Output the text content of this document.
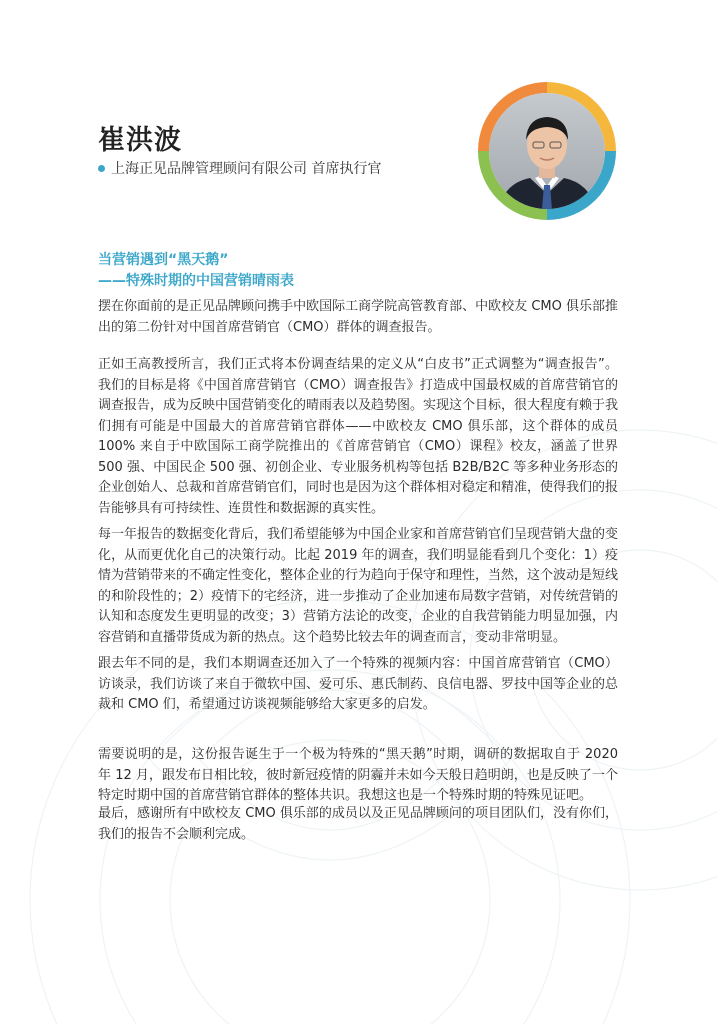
崔洪波
上海正见品牌管理顾问有限公司 首席执行官
当营销遇到“黑天鹅”
——特殊时期的中国营销晴雨表

摆在你面前的是正见品牌顾问携手中欧国际工商学院高管教育部、中欧校友 CMO 俱乐部推出的第二份针对中国首席营销官（CMO）群体的调查报告。

正如王高教授所言，我们正式将本份调查结果的定义从“白皮书”正式调整为“调查报告”。我们的目标是将《中国首席营销官（CMO）调查报告》打造成中国最权威的首席营销官的调查报告，成为反映中国营销变化的晴雨表以及趋势图。实现这个目标，很大程度有赖于我们拥有可能是中国最大的首席营销官群体——中欧校友 CMO 俱乐部，这个群体的成员 100% 来自于中欧国际工商学院推出的《首席营销官（CMO）课程》校友，涵盖了世界 500 强、中国民企 500 强、初创企业、专业服务机构等包括 B2B/B2C 等多种业务形态的企业创始人、总裁和首席营销官们，同时也是因为这个群体相对稳定和精准，使得我们的报告能够具有可持续性、连贯性和数据源的真实性。

每一年报告的数据变化背后，我们希望能够为中国企业家和首席营销官们呈现营销大盘的变化，从而更优化自己的决策行动。比起 2019 年的调查，我们明显能看到几个变化：1）疫情为营销带来的不确定性变化，整体企业的行为趋向于保守和理性，当然，这个波动是短线的和阶段性的；2）疫情下的宅经济，进一步推动了企业加速布局数字营销，对传统营销的认知和态度发生更明显的改变；3）营销方法论的改变，企业的自我营销能力明显加强，内容营销和直播带货成为新的热点。这个趋势比较去年的调查而言，变动非常明显。

跟去年不同的是，我们本期调查还加入了一个特殊的视频内容：中国首席营销官（CMO）访谈录，我们访谈了来自于微软中国、爱可乐、惠氏制药、良信电器、罗技中国等企业的总裁和 CMO 们，希望通过访谈视频能够给大家更多的启发。

需要说明的是，这份报告诞生于一个极为特殊的“黑天鹅”时期，调研的数据取自于 2020 年 12 月，跟发布日相比较，彼时新冠疫情的阴霾并未如今天般日趋明朗，也是反映了一个特定时期中国的首席营销官群体的整体共识。我想这也是一个特殊时期的特殊见证吧。

最后，感谢所有中欧校友 CMO 俱乐部的成员以及正见品牌顾问的项目团队们，没有你们，我们的报告不会顺利完成。
